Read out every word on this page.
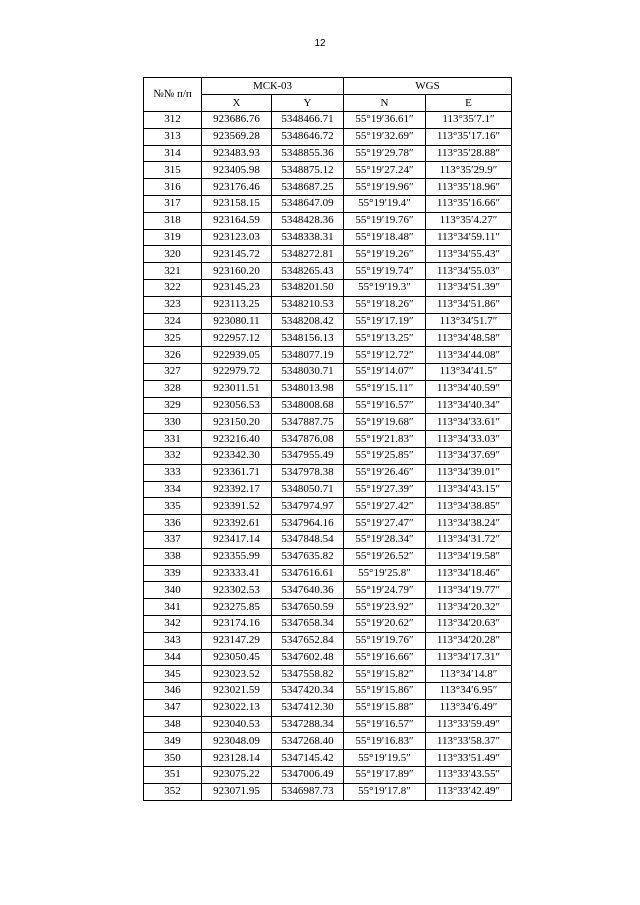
12
№№ п/п	МСК-03		WGS	
	X	Y	N	E
312	923686.76	5348466.71	55°19′36.61″	113°35′7.1″
313	923569.28	5348646.72	55°19′32.69″	113°35′17.16″
314	923483.93	5348855.36	55°19′29.78″	113°35′28.88″
315	923405.98	5348875.12	55°19′27.24″	113°35′29.9″
316	923176.46	5348687.25	55°19′19.96″	113°35′18.96″
317	923158.15	5348647.09	55°19′19.4″	113°35′16.66″
318	923164.59	5348428.36	55°19′19.76″	113°35′4.27″
319	923123.03	5348338.31	55°19′18.48″	113°34′59.11″
320	923145.72	5348272.81	55°19′19.26″	113°34′55.43″
321	923160.20	5348265.43	55°19′19.74″	113°34′55.03″
322	923145.23	5348201.50	55°19′19.3″	113°34′51.39″
323	923113.25	5348210.53	55°19′18.26″	113°34′51.86″
324	923080.11	5348208.42	55°19′17.19″	113°34′51.7″
325	922957.12	5348156.13	55°19′13.25″	113°34′48.58″
326	922939.05	5348077.19	55°19′12.72″	113°34′44.08″
327	922979.72	5348030.71	55°19′14.07″	113°34′41.5″
328	923011.51	5348013.98	55°19′15.11″	113°34′40.59″
329	923056.53	5348008.68	55°19′16.57″	113°34′40.34″
330	923150.20	5347887.75	55°19′19.68″	113°34′33.61″
331	923216.40	5347876.08	55°19′21.83″	113°34′33.03″
332	923342.30	5347955.49	55°19′25.85″	113°34′37.69″
333	923361.71	5347978.38	55°19′26.46″	113°34′39.01″
334	923392.17	5348050.71	55°19′27.39″	113°34′43.15″
335	923391.52	5347974.97	55°19′27.42″	113°34′38.85″
336	923392.61	5347964.16	55°19′27.47″	113°34′38.24″
337	923417.14	5347848.54	55°19′28.34″	113°34′31.72″
338	923355.99	5347635.82	55°19′26.52″	113°34′19.58″
339	923333.41	5347616.61	55°19′25.8″	113°34′18.46″
340	923302.53	5347640.36	55°19′24.79″	113°34′19.77″
341	923275.85	5347650.59	55°19′23.92″	113°34′20.32″
342	923174.16	5347658.34	55°19′20.62″	113°34′20.63″
343	923147.29	5347652.84	55°19′19.76″	113°34′20.28″
344	923050.45	5347602.48	55°19′16.66″	113°34′17.31″
345	923023.52	5347558.82	55°19′15.82″	113°34′14.8″
346	923021.59	5347420.34	55°19′15.86″	113°34′6.95″
347	923022.13	5347412.30	55°19′15.88″	113°34′6.49″
348	923040.53	5347288.34	55°19′16.57″	113°33′59.49″
349	923048.09	5347268.40	55°19′16.83″	113°33′58.37″
350	923128.14	5347145.42	55°19′19.5″	113°33′51.49″
351	923075.22	5347006.49	55°19′17.89″	113°33′43.55″
352	923071.95	5346987.73	55°19′17.8″	113°33′42.49″
